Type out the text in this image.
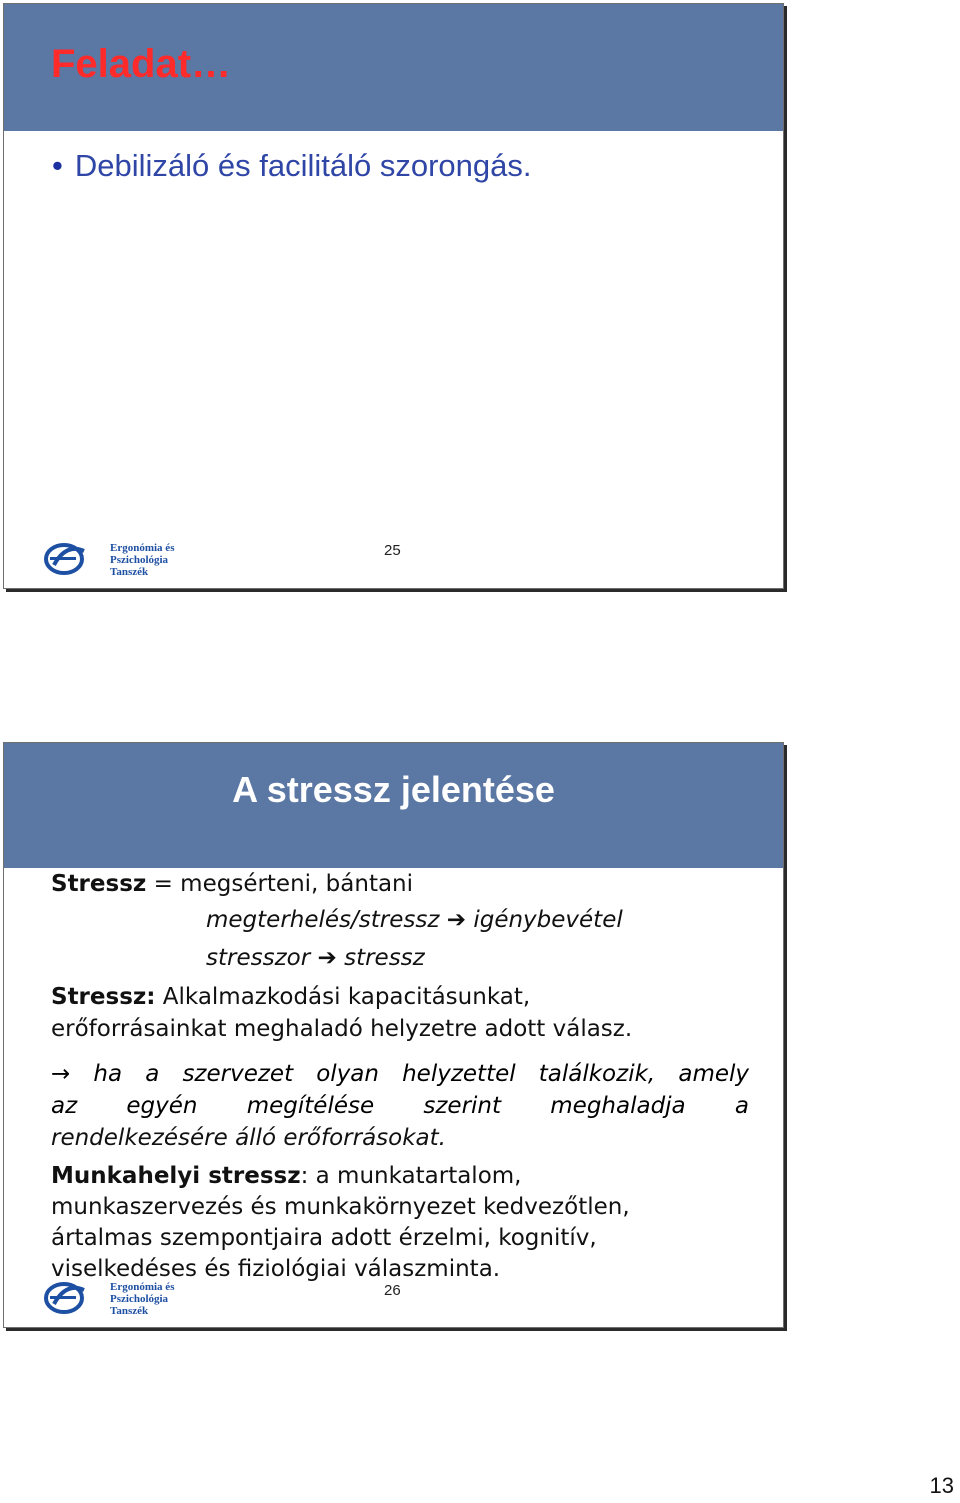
Feladat…
• Debilizáló és facilitáló szorongás.
Ergonómia és
Pszichológia
Tanszék
25
A stressz jelentése
Stressz = megsérteni, bántani
megterhelés/stressz ➔ igénybevétel
stresszor ➔ stressz
Stressz: Alkalmazkodási kapacitásunkat,
erőforrásainkat meghaladó helyzetre adott válasz.
→ ha a szervezet olyan helyzettel találkozik, amely
az egyén megítélése szerint meghaladja a
rendelkezésére álló erőforrásokat.
Munkahelyi stressz: a munkatartalom,
munkaszervezés és munkakörnyezet kedvezőtlen,
ártalmas szempontjaira adott érzelmi, kognitív,
viselkedéses és fiziológiai válaszminta.
Ergonómia és
Pszichológia
Tanszék
26
13
